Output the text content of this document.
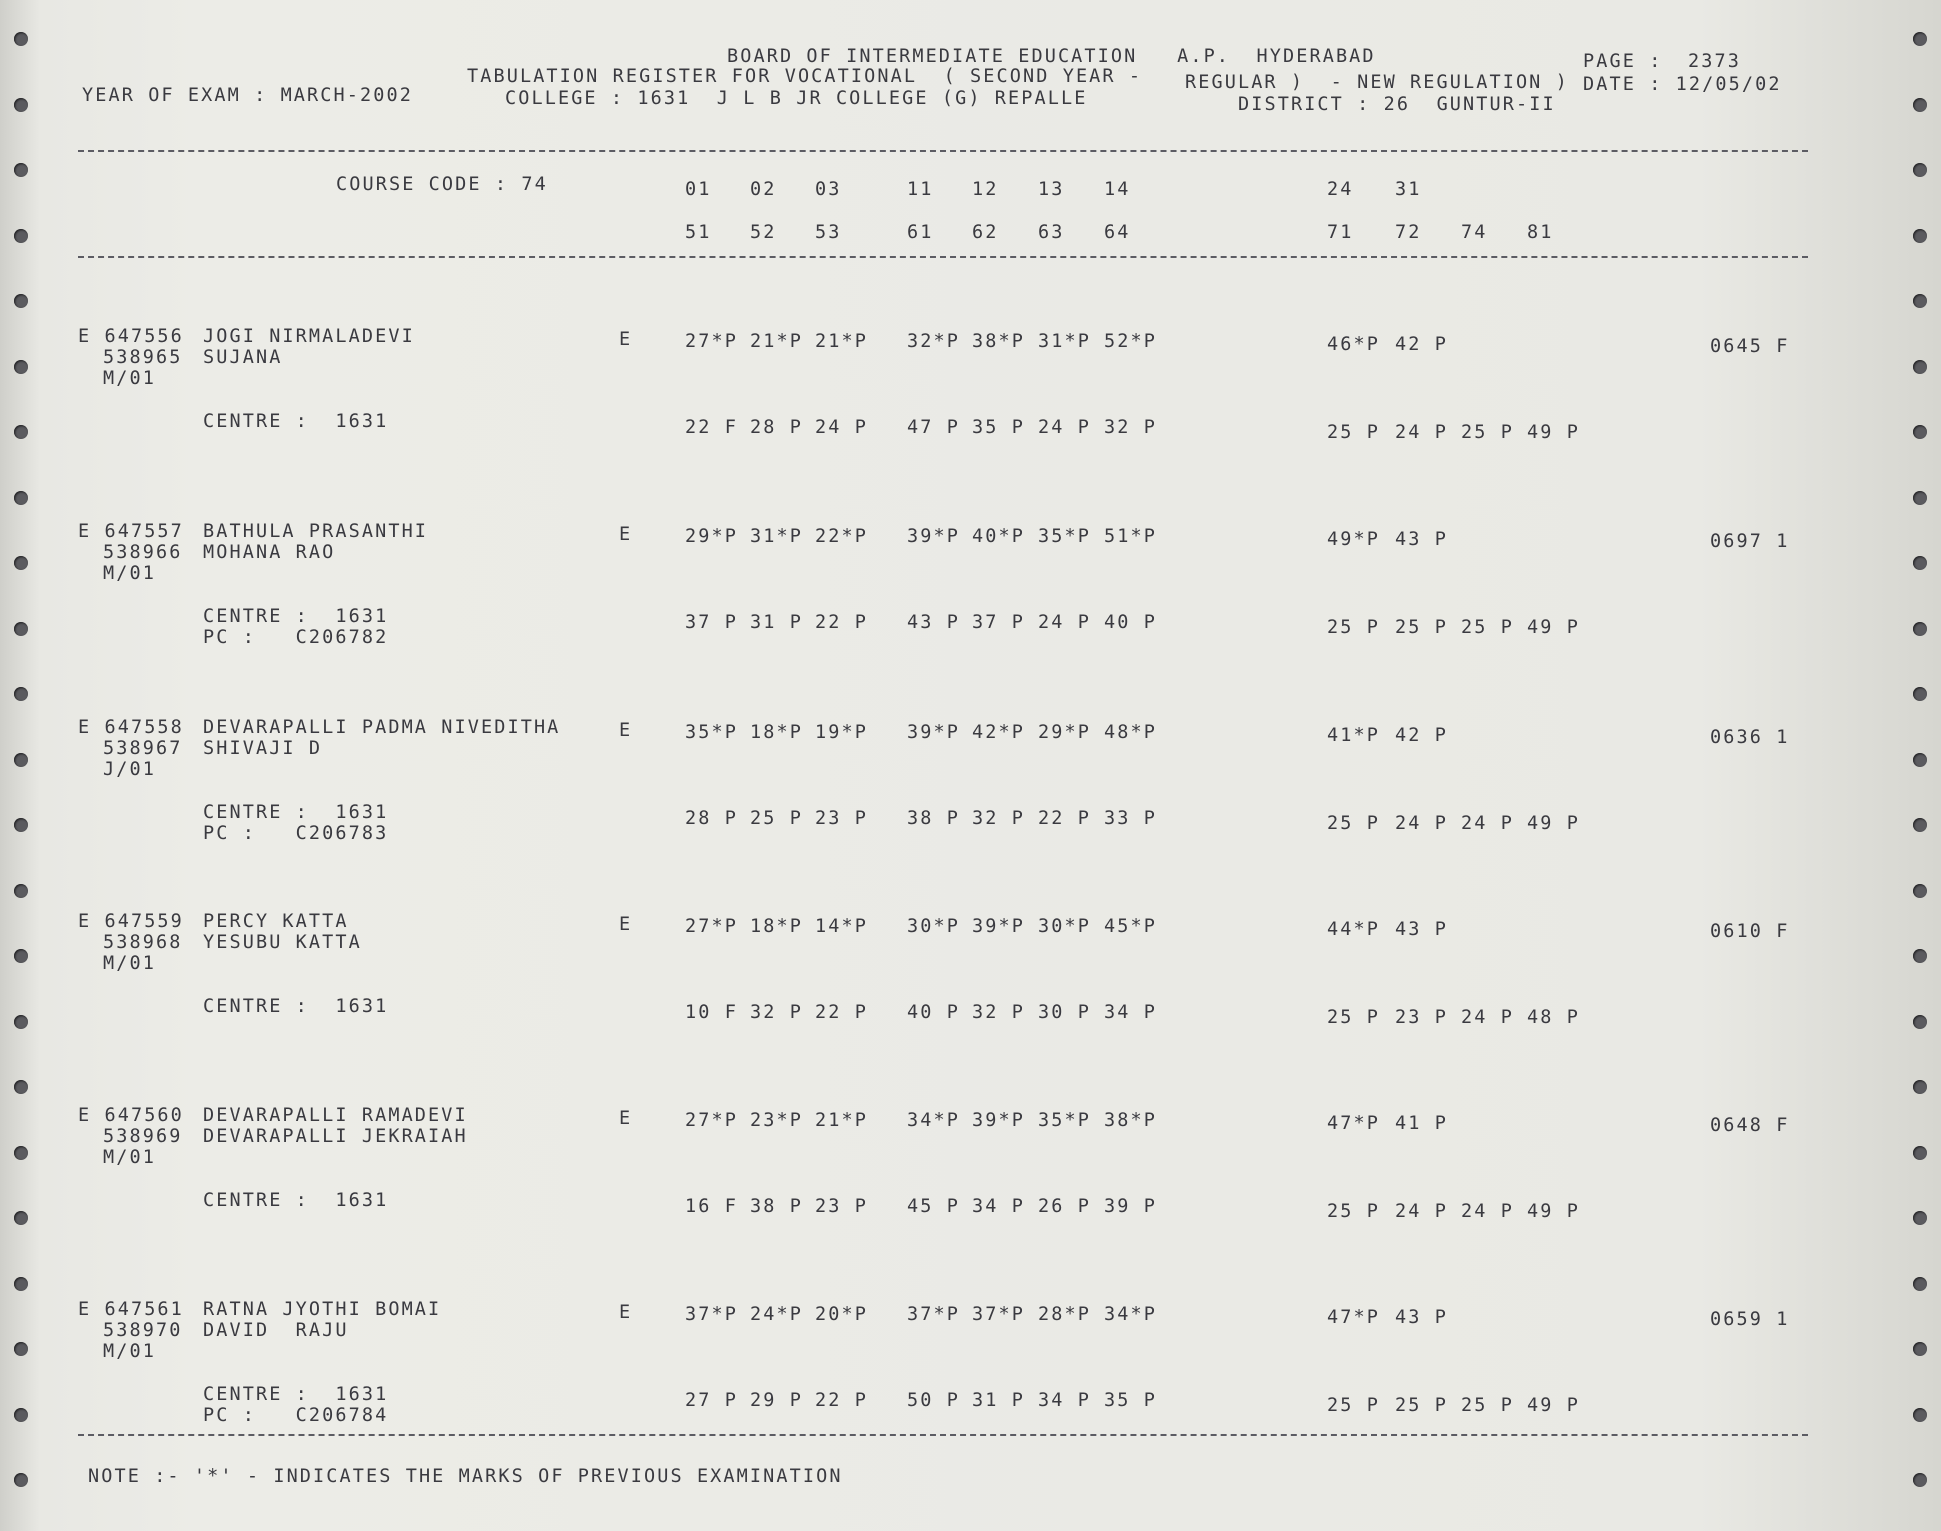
BOARD OF INTERMEDIATE EDUCATION   A.P.  HYDERABAD	PAGE : 2373
TABULATION REGISTER FOR VOCATIONAL  ( SECOND YEAR - REGULAR )  - NEW REGULATION ) DATE : 12/05/02
YEAR OF EXAM : MARCH-2002	COLLEGE : 1631  J L B JR COLLEGE (G) REPALLE	DISTRICT : 26  GUNTUR-II
COURSE CODE : 74	01 02 03	11 12 13 14	24 31
51 52 53	61 62 63 64	71 72 74 81
E 647556 JOGI NIRMALADEVI
538965 SUJANA
M/01
E	27*P 21*P 21*P 32*P 38*P 31*P 52*P	46*P 42 P	0645 F
CENTRE :  1631	22 F 28 P 24 P 47 P 35 P 24 P 32 P	25 P 24 P 25 P 49 P
E 647557 BATHULA PRASANTHI
538966 MOHANA RAO
M/01
E	29*P 31*P 22*P 39*P 40*P 35*P 51*P	49*P 43 P	0697 1
CENTRE :  1631
PC :   C206782
37 P 31 P 22 P 43 P 37 P 24 P 40 P	25 P 25 P 25 P 49 P
E 647558 DEVARAPALLI PADMA NIVEDITHA
538967 SHIVAJI D
J/01
E	35*P 18*P 19*P 39*P 42*P 29*P 48*P	41*P 42 P	0636 1
CENTRE :  1631
PC :   C206783
28 P 25 P 23 P 38 P 32 P 22 P 33 P	25 P 24 P 24 P 49 P
E 647559 PERCY KATTA
538968 YESUBU KATTA
M/01
E	27*P 18*P 14*P 30*P 39*P 30*P 45*P	44*P 43 P	0610 F
CENTRE :  1631	10 F 32 P 22 P 40 P 32 P 30 P 34 P	25 P 23 P 24 P 48 P
E 647560 DEVARAPALLI RAMADEVI
538969 DEVARAPALLI JEKRAIAH
M/01
E	27*P 23*P 21*P 34*P 39*P 35*P 38*P	47*P 41 P	0648 F
CENTRE :  1631	16 F 38 P 23 P 45 P 34 P 26 P 39 P	25 P 24 P 24 P 49 P
E 647561 RATNA JYOTHI BOMAI
538970 DAVID  RAJU
M/01
E	37*P 24*P 20*P 37*P 37*P 28*P 34*P	47*P 43 P	0659 1
CENTRE :  1631
PC :   C206784
27 P 29 P 22 P 50 P 31 P 34 P 35 P	25 P 25 P 25 P 49 P
NOTE :- '*' - INDICATES THE MARKS OF PREVIOUS EXAMINATION
